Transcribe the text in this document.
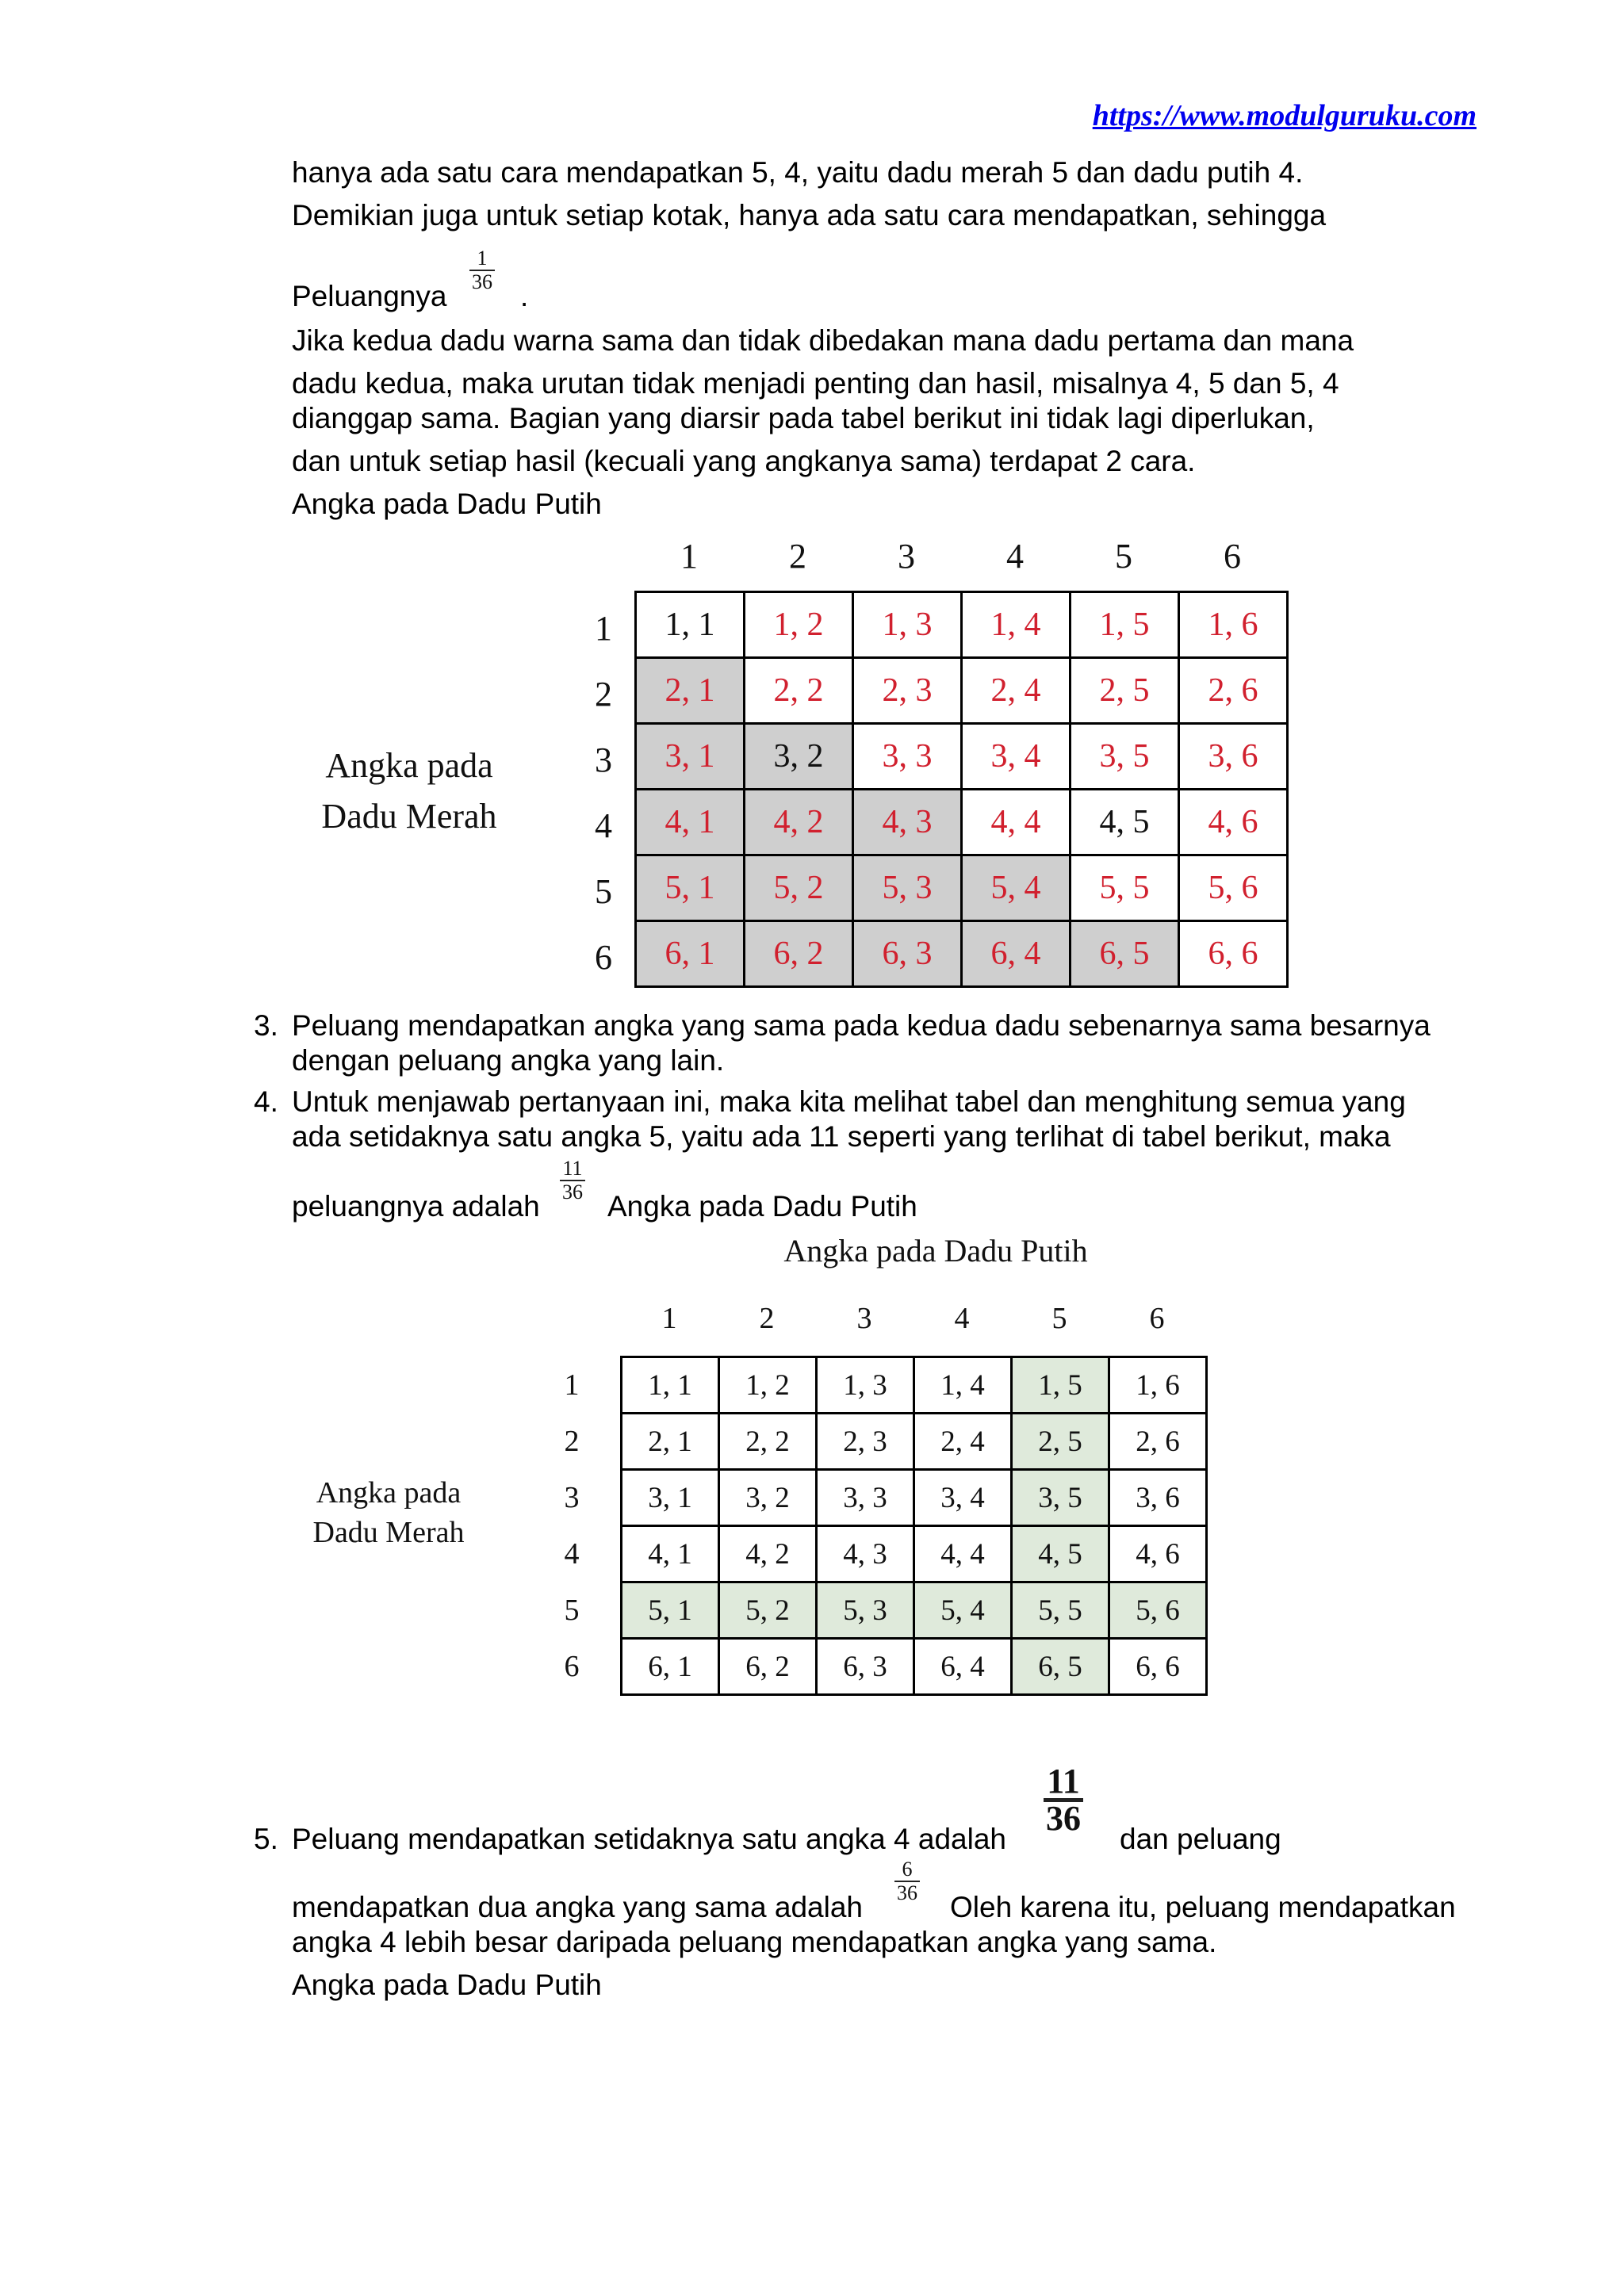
https://www.modulguruku.com
hanya ada satu cara mendapatkan 5, 4, yaitu dadu merah 5 dan dadu putih 4.
Demikian juga untuk setiap kotak, hanya ada satu cara mendapatkan, sehingga
Peluangnya
$\frac{1}{36}$
.
Jika kedua dadu warna sama dan tidak dibedakan mana dadu pertama dan mana
dadu kedua, maka urutan tidak menjadi penting dan hasil, misalnya 4, 5 dan 5, 4
dianggap sama. Bagian yang diarsir pada tabel berikut ini tidak lagi diperlukan,
dan untuk setiap hasil (kecuali yang angkanya sama) terdapat 2 cara.
Angka pada Dadu Putih
1	2	3	4	5	6
1
2
3
4
5
6
Angka pada
Dadu Merah
1, 1	1, 2	1, 3	1, 4	1, 5	1, 6
2, 1	2, 2	2, 3	2, 4	2, 5	2, 6
3, 1	3, 2	3, 3	3, 4	3, 5	3, 6
4, 1	4, 2	4, 3	4, 4	4, 5	4, 6
5, 1	5, 2	5, 3	5, 4	5, 5	5, 6
6, 1	6, 2	6, 3	6, 4	6, 5	6, 6
3. Peluang mendapatkan angka yang sama pada kedua dadu sebenarnya sama besarnya
dengan peluang angka yang lain.
4. Untuk menjawab pertanyaan ini, maka kita melihat tabel dan menghitung semua yang
ada setidaknya satu angka 5, yaitu ada 11 seperti yang terlihat di tabel berikut, maka
peluangnya adalah
$\frac{11}{36}$
Angka pada Dadu Putih
Angka pada Dadu Putih
1	2	3	4	5	6
1
2
3
4
5
6
Angka pada
Dadu Merah
1, 1	1, 2	1, 3	1, 4	1, 5	1, 6
2, 1	2, 2	2, 3	2, 4	2, 5	2, 6
3, 1	3, 2	3, 3	3, 4	3, 5	3, 6
4, 1	4, 2	4, 3	4, 4	4, 5	4, 6
5, 1	5, 2	5, 3	5, 4	5, 5	5, 6
6, 1	6, 2	6, 3	6, 4	6, 5	6, 6
5. Peluang mendapatkan setidaknya satu angka 4 adalah
$\frac{11}{36}$
dan peluang
mendapatkan dua angka yang sama adalah
$\frac{6}{36}$
Oleh karena itu, peluang mendapatkan
angka 4 lebih besar daripada peluang mendapatkan angka yang sama.
Angka pada Dadu Putih
